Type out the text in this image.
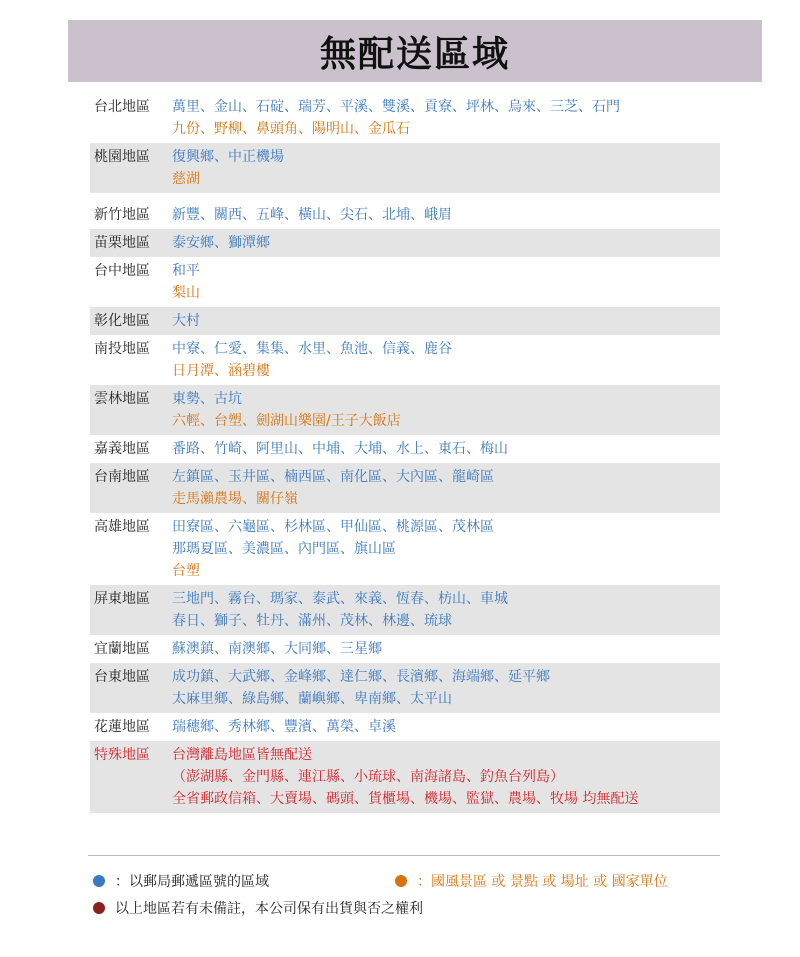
無配送區域
台北地區	萬里、金山、石碇、瑞芳、平溪、雙溪、貢寮、坪林、烏來、三芝、石門
九份、野柳、鼻頭角、陽明山、金瓜石
桃園地區	復興鄉、中正機場
慈湖
新竹地區	新豐、關西、五峰、橫山、尖石、北埔、峨眉
苗栗地區	泰安鄉、獅潭鄉
台中地區	和平
梨山
彰化地區	大村
南投地區	中寮、仁愛、集集、水里、魚池、信義、鹿谷
日月潭、涵碧樓
雲林地區	東勢、古坑
六輕、台塑、劍湖山樂園/王子大飯店
嘉義地區	番路、竹崎、阿里山、中埔、大埔、水上、東石、梅山
台南地區	左鎮區、玉井區、楠西區、南化區、大內區、龍崎區
走馬瀨農場、關仔嶺
高雄地區	田寮區、六龜區、杉林區、甲仙區、桃源區、茂林區
那瑪夏區、美濃區、內門區、旗山區
台塑
屏東地區	三地門、霧台、瑪家、泰武、來義、恆春、枋山、車城
春日、獅子、牡丹、滿州、茂林、林邊、琉球
宜蘭地區	蘇澳鎮、南澳鄉、大同鄉、三星鄉
台東地區	成功鎮、大武鄉、金峰鄉、達仁鄉、長濱鄉、海端鄉、延平鄉
太麻里鄉、綠島鄉、蘭嶼鄉、卑南鄉、太平山
花蓮地區	瑞穗鄉、秀林鄉、豐濱、萬榮、卓溪
特殊地區	台灣離島地區皆無配送
（澎湖縣、金門縣、連江縣、小琉球、南海諸島、釣魚台列島）
全省郵政信箱、大賣場、碼頭、貨櫃場、機場、監獄、農場、牧場 均無配送
：以郵局郵遞區號的區域	：國風景區 或 景點 或 場址 或 國家單位
以上地區若有未備註，本公司保有出貨與否之權利
